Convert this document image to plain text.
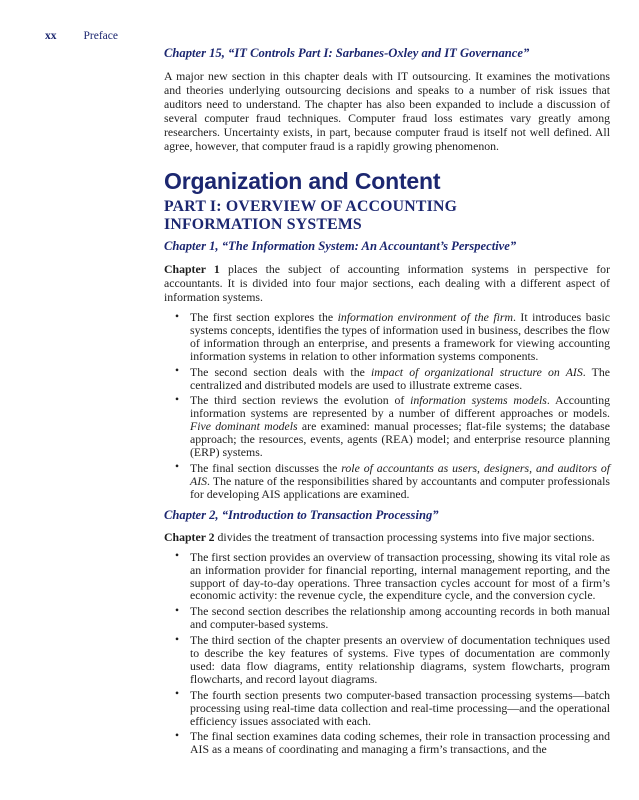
xx Preface
Chapter 15, “IT Controls Part I: Sarbanes-Oxley and IT Governance”

A major new section in this chapter deals with IT outsourcing. It examines the motivations and theories underlying outsourcing decisions and speaks to a number of risk issues that auditors need to understand. The chapter has also been expanded to include a discussion of several computer fraud techniques. Computer fraud loss estimates vary greatly among researchers. Uncertainty exists, in part, because computer fraud is itself not well defined. All agree, however, that computer fraud is a rapidly growing phenomenon.

Organization and Content
PART I: OVERVIEW OF ACCOUNTING
INFORMATION SYSTEMS
Chapter 1, “The Information System: An Accountant’s Perspective”

Chapter 1 places the subject of accounting information systems in perspective for accountants. It is divided into four major sections, each dealing with a different aspect of information systems.

• The first section explores the information environment of the firm. It introduces basic systems concepts, identifies the types of information used in business, describes the flow of information through an enterprise, and presents a framework for viewing accounting information systems in relation to other information systems components.
• The second section deals with the impact of organizational structure on AIS. The centralized and distributed models are used to illustrate extreme cases.
• The third section reviews the evolution of information systems models. Accounting information systems are represented by a number of different approaches or models. Five dominant models are examined: manual processes; flat-file systems; the database approach; the resources, events, agents (REA) model; and enterprise resource planning (ERP) systems.
• The final section discusses the role of accountants as users, designers, and auditors of AIS. The nature of the responsibilities shared by accountants and computer professionals for developing AIS applications are examined.
Chapter 2, “Introduction to Transaction Processing”

Chapter 2 divides the treatment of transaction processing systems into five major sections.

• The first section provides an overview of transaction processing, showing its vital role as an information provider for financial reporting, internal management reporting, and the support of day-to-day operations. Three transaction cycles account for most of a firm’s economic activity: the revenue cycle, the expenditure cycle, and the conversion cycle.
• The second section describes the relationship among accounting records in both manual and computer-based systems.
• The third section of the chapter presents an overview of documentation techniques used to describe the key features of systems. Five types of documentation are commonly used: data flow diagrams, entity relationship diagrams, system flowcharts, program flowcharts, and record layout diagrams.
• The fourth section presents two computer-based transaction processing systems—batch processing using real-time data collection and real-time processing—and the operational efficiency issues associated with each.
• The final section examines data coding schemes, their role in transaction processing and AIS as a means of coordinating and managing a firm’s transactions, and the
